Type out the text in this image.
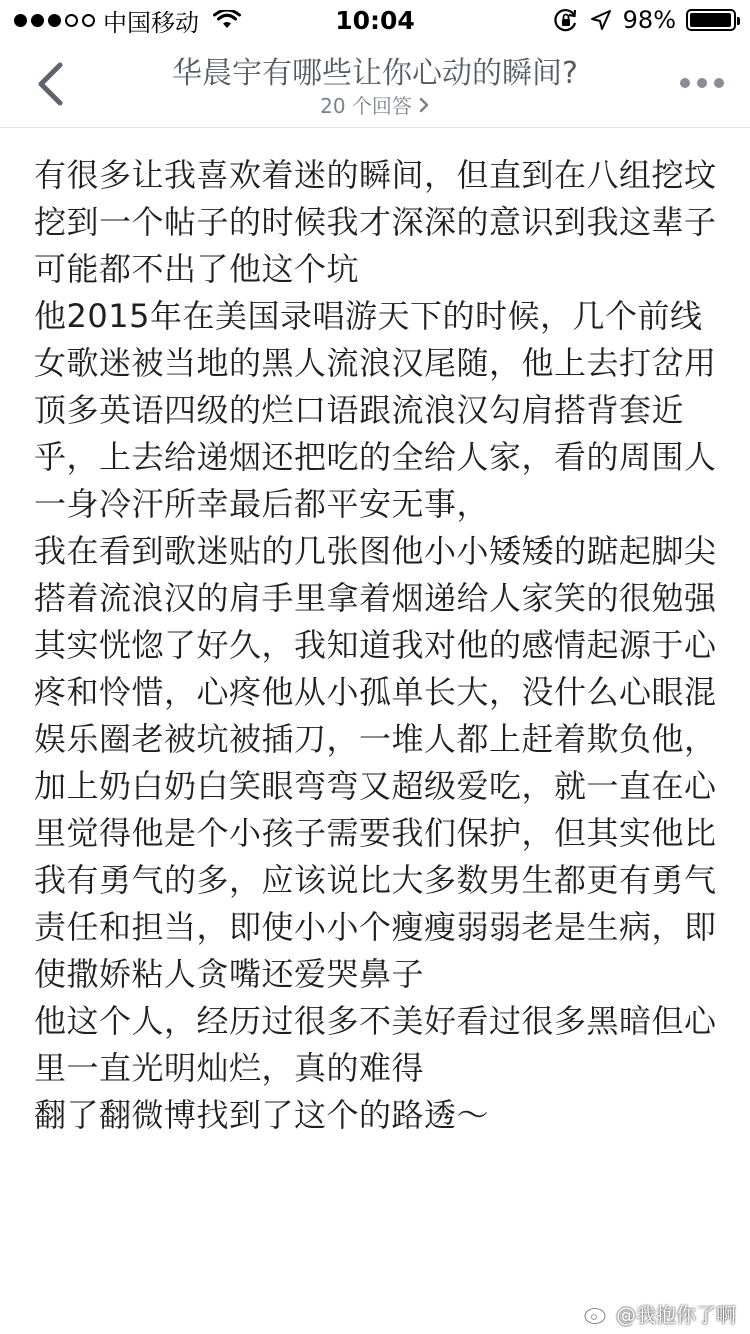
中国移动	10:04	98%
华晨宇有哪些让你心动的瞬间?
20 个回答

有很多让我喜欢着迷的瞬间，但直到在八组挖坟挖到一个帖子的时候我才深深的意识到我这辈子可能都不出了他这个坑

他2015年在美国录唱游天下的时候，几个前线女歌迷被当地的黑人流浪汉尾随，他上去打岔用顶多英语四级的烂口语跟流浪汉勾肩搭背套近乎，上去给递烟还把吃的全给人家，看的周围人一身冷汗所幸最后都平安无事，

我在看到歌迷贴的几张图他小小矮矮的踮起脚尖搭着流浪汉的肩手里拿着烟递给人家笑的很勉强其实恍惚了好久，我知道我对他的感情起源于心疼和怜惜，心疼他从小孤单长大，没什么心眼混娱乐圈老被坑被插刀，一堆人都上赶着欺负他，加上奶白奶白笑眼弯弯又超级爱吃，就一直在心里觉得他是个小孩子需要我们保护，但其实他比我有勇气的多，应该说比大多数男生都更有勇气责任和担当，即使小小个瘦瘦弱弱老是生病，即使撒娇粘人贪嘴还爱哭鼻子

他这个人，经历过很多不美好看过很多黑暗但心里一直光明灿烂，真的难得

翻了翻微博找到了这个的路透～

@我抱你了啊
